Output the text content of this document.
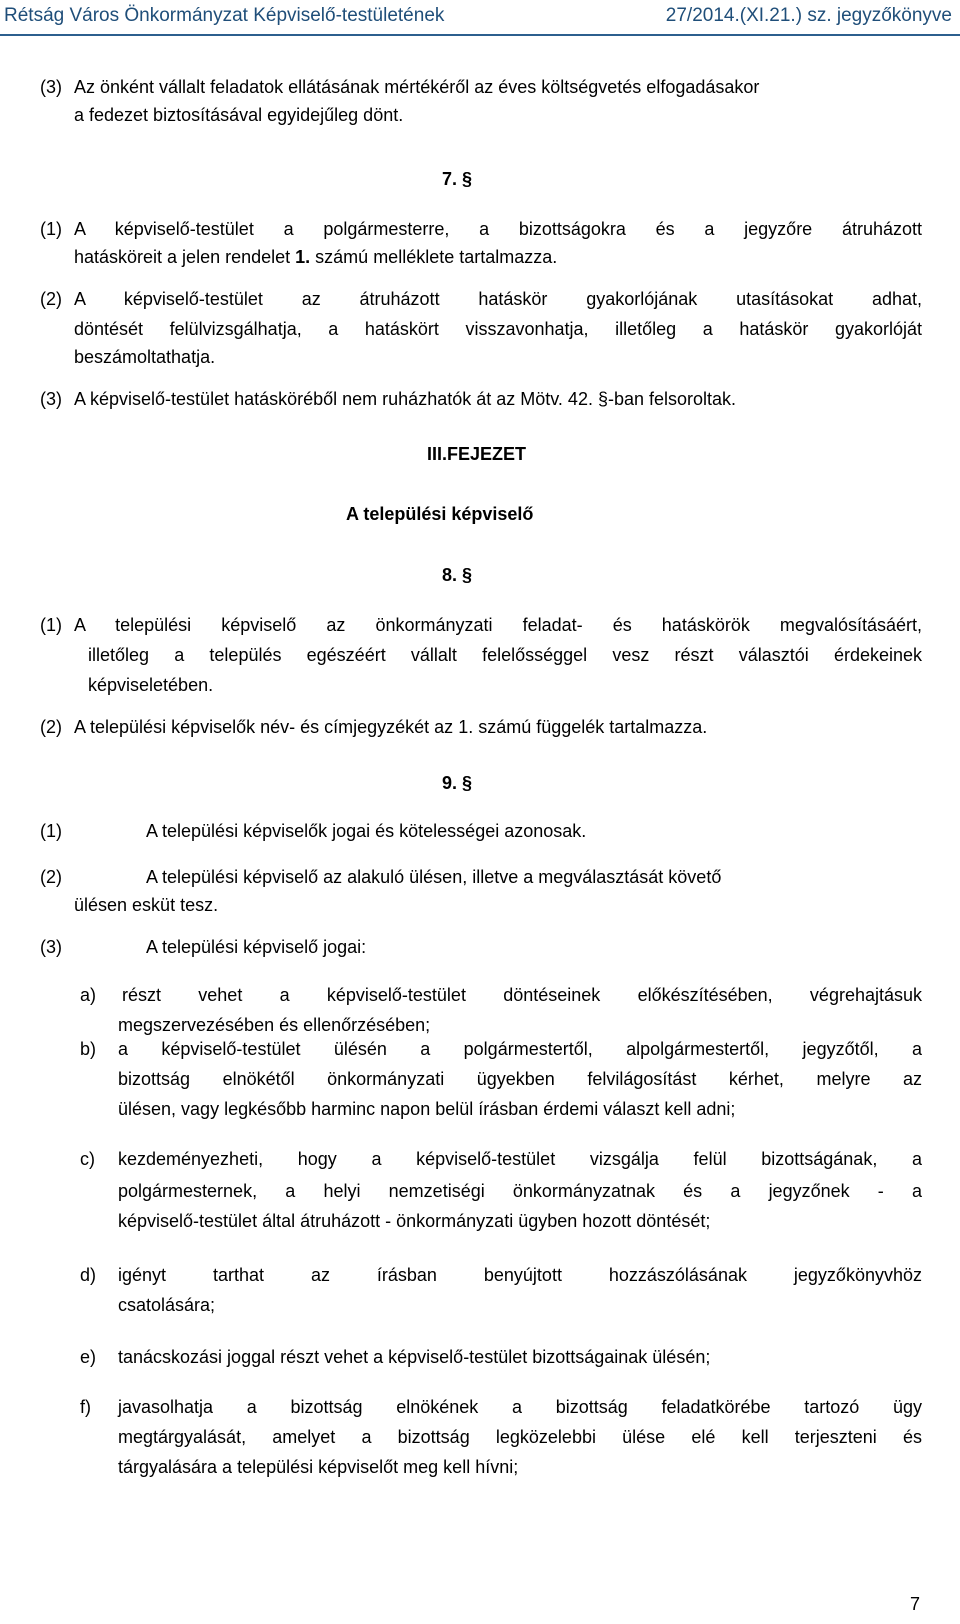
Rétság Város Önkormányzat Képviselő-testületének	27/2014.(XI.21.) sz. jegyzőkönyve
(3) Az önként vállalt feladatok ellátásának mértékéről az éves költségvetés elfogadásakor
a fedezet biztosításával egyidejűleg dönt.
7. §
(1) A képviselő-testület a polgármesterre, a bizottságokra és a jegyzőre átruházott
hatásköreit a jelen rendelet 1. számú melléklete tartalmazza.
(2) A képviselő-testület az átruházott hatáskör gyakorlójának utasításokat adhat,
döntését felülvizsgálhatja, a hatáskört visszavonhatja, illetőleg a hatáskör gyakorlóját
beszámoltathatja.
(3) A képviselő-testület hatásköréből nem ruházhatók át az Mötv. 42. §-ban felsoroltak.
III.FEJEZET
A települési képviselő
8. §
(1) A települési képviselő az önkormányzati feladat- és hatáskörök megvalósításáért,
illetőleg a település egészéért vállalt felelősséggel vesz részt választói érdekeinek
képviseletében.
(2) A települési képviselők név- és címjegyzékét az 1. számú függelék tartalmazza.
9. §
(1)	A települési képviselők jogai és kötelességei azonosak.
(2)	A települési képviselő az alakuló ülésen, illetve a megválasztását követő
ülésen esküt tesz.
(3)	A települési képviselő jogai:
a) részt vehet a képviselő-testület döntéseinek előkészítésében, végrehajtásuk
megszervezésében és ellenőrzésében;
b) a képviselő-testület ülésén a polgármestertől, alpolgármestertől, jegyzőtől, a
bizottság elnökétől önkormányzati ügyekben felvilágosítást kérhet, melyre az
ülésen, vagy legkésőbb harminc napon belül írásban érdemi választ kell adni;
c) kezdeményezheti, hogy a képviselő-testület vizsgálja felül bizottságának, a
polgármesternek, a helyi nemzetiségi önkormányzatnak és a jegyzőnek - a
képviselő-testület által átruházott - önkormányzati ügyben hozott döntését;
d) igényt tarthat az írásban benyújtott hozzászólásának jegyzőkönyvhöz
csatolására;
e) tanácskozási joggal részt vehet a képviselő-testület bizottságainak ülésén;
f) javasolhatja a bizottság elnökének a bizottság feladatkörébe tartozó ügy
megtárgyalását, amelyet a bizottság legközelebbi ülése elé kell terjeszteni és
tárgyalására a települési képviselőt meg kell hívni;
7
